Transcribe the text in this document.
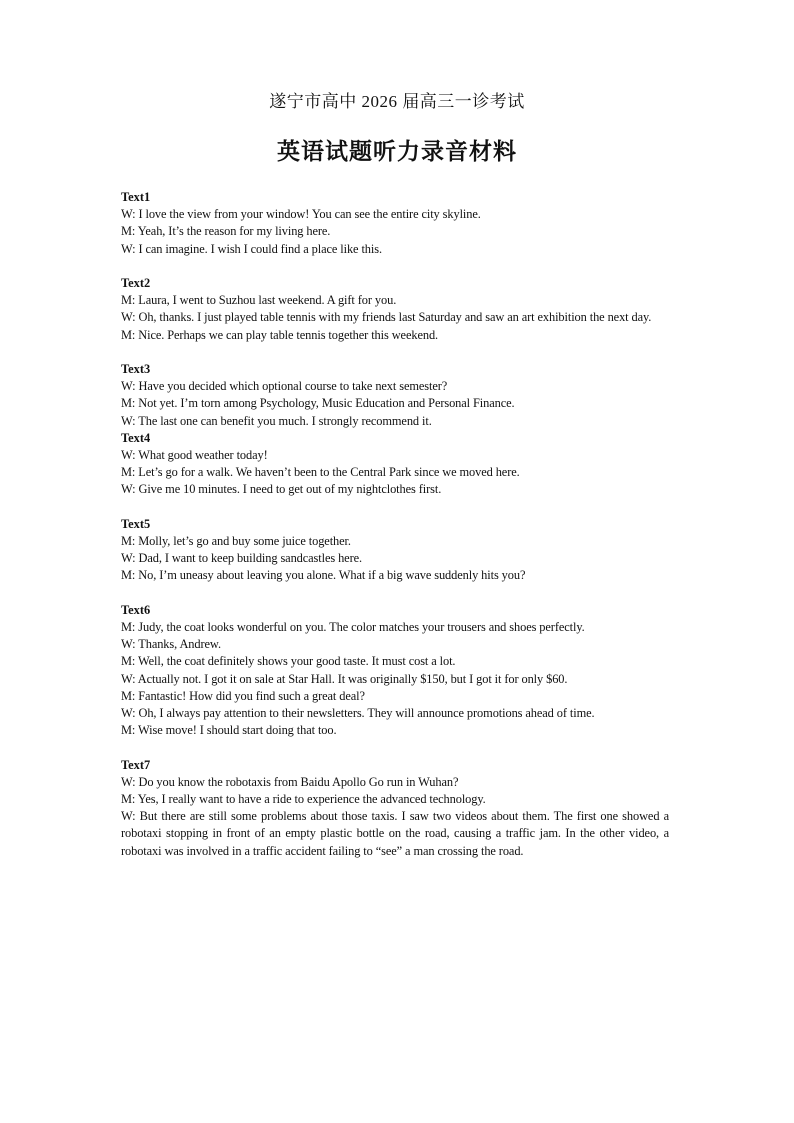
遂宁市高中 2026 届高三一诊考试
英语试题听力录音材料
Text1
W: I love the view from your window! You can see the entire city skyline.
M: Yeah, It’s the reason for my living here.
W: I can imagine. I wish I could find a place like this.
Text2
M: Laura, I went to Suzhou last weekend. A gift for you.
W: Oh, thanks. I just played table tennis with my friends last Saturday and saw an art exhibition the next day.
M: Nice. Perhaps we can play table tennis together this weekend.
Text3
W: Have you decided which optional course to take next semester?
M: Not yet. I’m torn among Psychology, Music Education and Personal Finance.
W: The last one can benefit you much. I strongly recommend it.
Text4
W: What good weather today!
M: Let’s go for a walk. We haven’t been to the Central Park since we moved here.
W: Give me 10 minutes. I need to get out of my nightclothes first.
Text5
M: Molly, let’s go and buy some juice together.
W: Dad, I want to keep building sandcastles here.
M: No, I’m uneasy about leaving you alone. What if a big wave suddenly hits you?
Text6
M: Judy, the coat looks wonderful on you. The color matches your trousers and shoes perfectly.
W: Thanks, Andrew.
M: Well, the coat definitely shows your good taste. It must cost a lot.
W: Actually not. I got it on sale at Star Hall. It was originally $150, but I got it for only $60.
M: Fantastic! How did you find such a great deal?
W: Oh, I always pay attention to their newsletters. They will announce promotions ahead of time.
M: Wise move! I should start doing that too.
Text7
W: Do you know the robotaxis from Baidu Apollo Go run in Wuhan?
M: Yes, I really want to have a ride to experience the advanced technology.
W: But there are still some problems about those taxis. I saw two videos about them. The first one showed a robotaxi stopping in front of an empty plastic bottle on the road, causing a traffic jam. In the other video, a robotaxi was involved in a traffic accident failing to “see” a man crossing the road.
